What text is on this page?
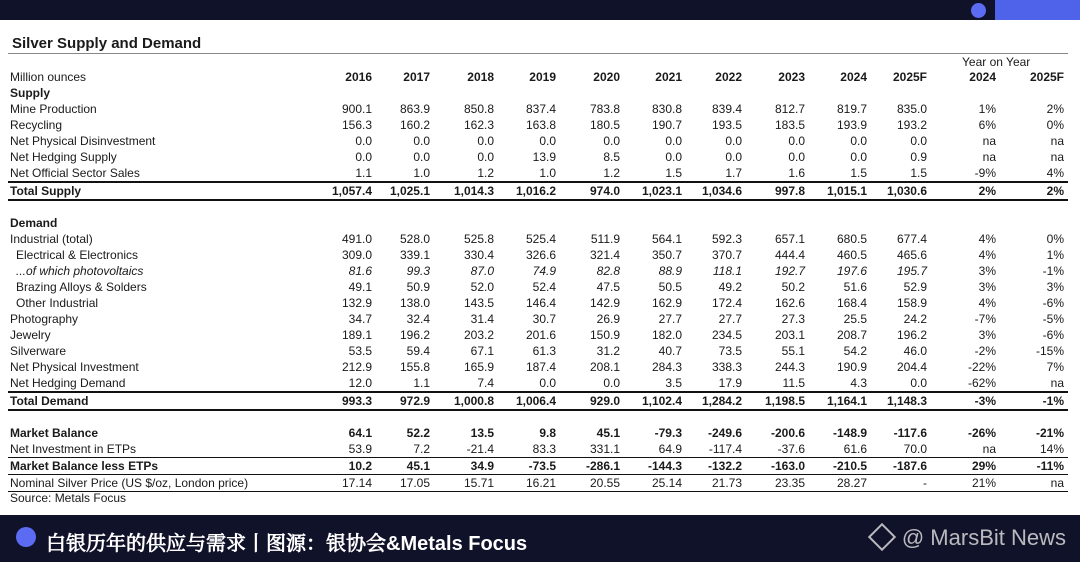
Silver Supply and Demand
Year on Year
Million ounces	2016	2017	2018	2019	2020	2021	2022	2023	2024	2025F	2024	2025F
Supply
Mine Production	900.1	863.9	850.8	837.4	783.8	830.8	839.4	812.7	819.7	835.0	1%	2%
Recycling	156.3	160.2	162.3	163.8	180.5	190.7	193.5	183.5	193.9	193.2	6%	0%
Net Physical Disinvestment	0.0	0.0	0.0	0.0	0.0	0.0	0.0	0.0	0.0	0.0	na	na
Net Hedging Supply	0.0	0.0	0.0	13.9	8.5	0.0	0.0	0.0	0.0	0.9	na	na
Net Official Sector Sales	1.1	1.0	1.2	1.0	1.2	1.5	1.7	1.6	1.5	1.5	-9%	4%
Total Supply	1,057.4	1,025.1	1,014.3	1,016.2	974.0	1,023.1	1,034.6	997.8	1,015.1	1,030.6	2%	2%
Demand
Industrial (total)	491.0	528.0	525.8	525.4	511.9	564.1	592.3	657.1	680.5	677.4	4%	0%
Electrical & Electronics	309.0	339.1	330.4	326.6	321.4	350.7	370.7	444.4	460.5	465.6	4%	1%
...of which photovoltaics	81.6	99.3	87.0	74.9	82.8	88.9	118.1	192.7	197.6	195.7	3%	-1%
Brazing Alloys & Solders	49.1	50.9	52.0	52.4	47.5	50.5	49.2	50.2	51.6	52.9	3%	3%
Other Industrial	132.9	138.0	143.5	146.4	142.9	162.9	172.4	162.6	168.4	158.9	4%	-6%
Photography	34.7	32.4	31.4	30.7	26.9	27.7	27.7	27.3	25.5	24.2	-7%	-5%
Jewelry	189.1	196.2	203.2	201.6	150.9	182.0	234.5	203.1	208.7	196.2	3%	-6%
Silverware	53.5	59.4	67.1	61.3	31.2	40.7	73.5	55.1	54.2	46.0	-2%	-15%
Net Physical Investment	212.9	155.8	165.9	187.4	208.1	284.3	338.3	244.3	190.9	204.4	-22%	7%
Net Hedging Demand	12.0	1.1	7.4	0.0	0.0	3.5	17.9	11.5	4.3	0.0	-62%	na
Total Demand	993.3	972.9	1,000.8	1,006.4	929.0	1,102.4	1,284.2	1,198.5	1,164.1	1,148.3	-3%	-1%
Market Balance	64.1	52.2	13.5	9.8	45.1	-79.3	-249.6	-200.6	-148.9	-117.6	-26%	-21%
Net Investment in ETPs	53.9	7.2	-21.4	83.3	331.1	64.9	-117.4	-37.6	61.6	70.0	na	14%
Market Balance less ETPs	10.2	45.1	34.9	-73.5	-286.1	-144.3	-132.2	-163.0	-210.5	-187.6	29%	-11%
Nominal Silver Price (US $/oz, London price)	17.14	17.05	15.71	16.21	20.55	25.14	21.73	23.35	28.27	-	21%	na
Source: Metals Focus
白银历年的供应与需求丨图源：银协会&Metals Focus	@ MarsBit News
